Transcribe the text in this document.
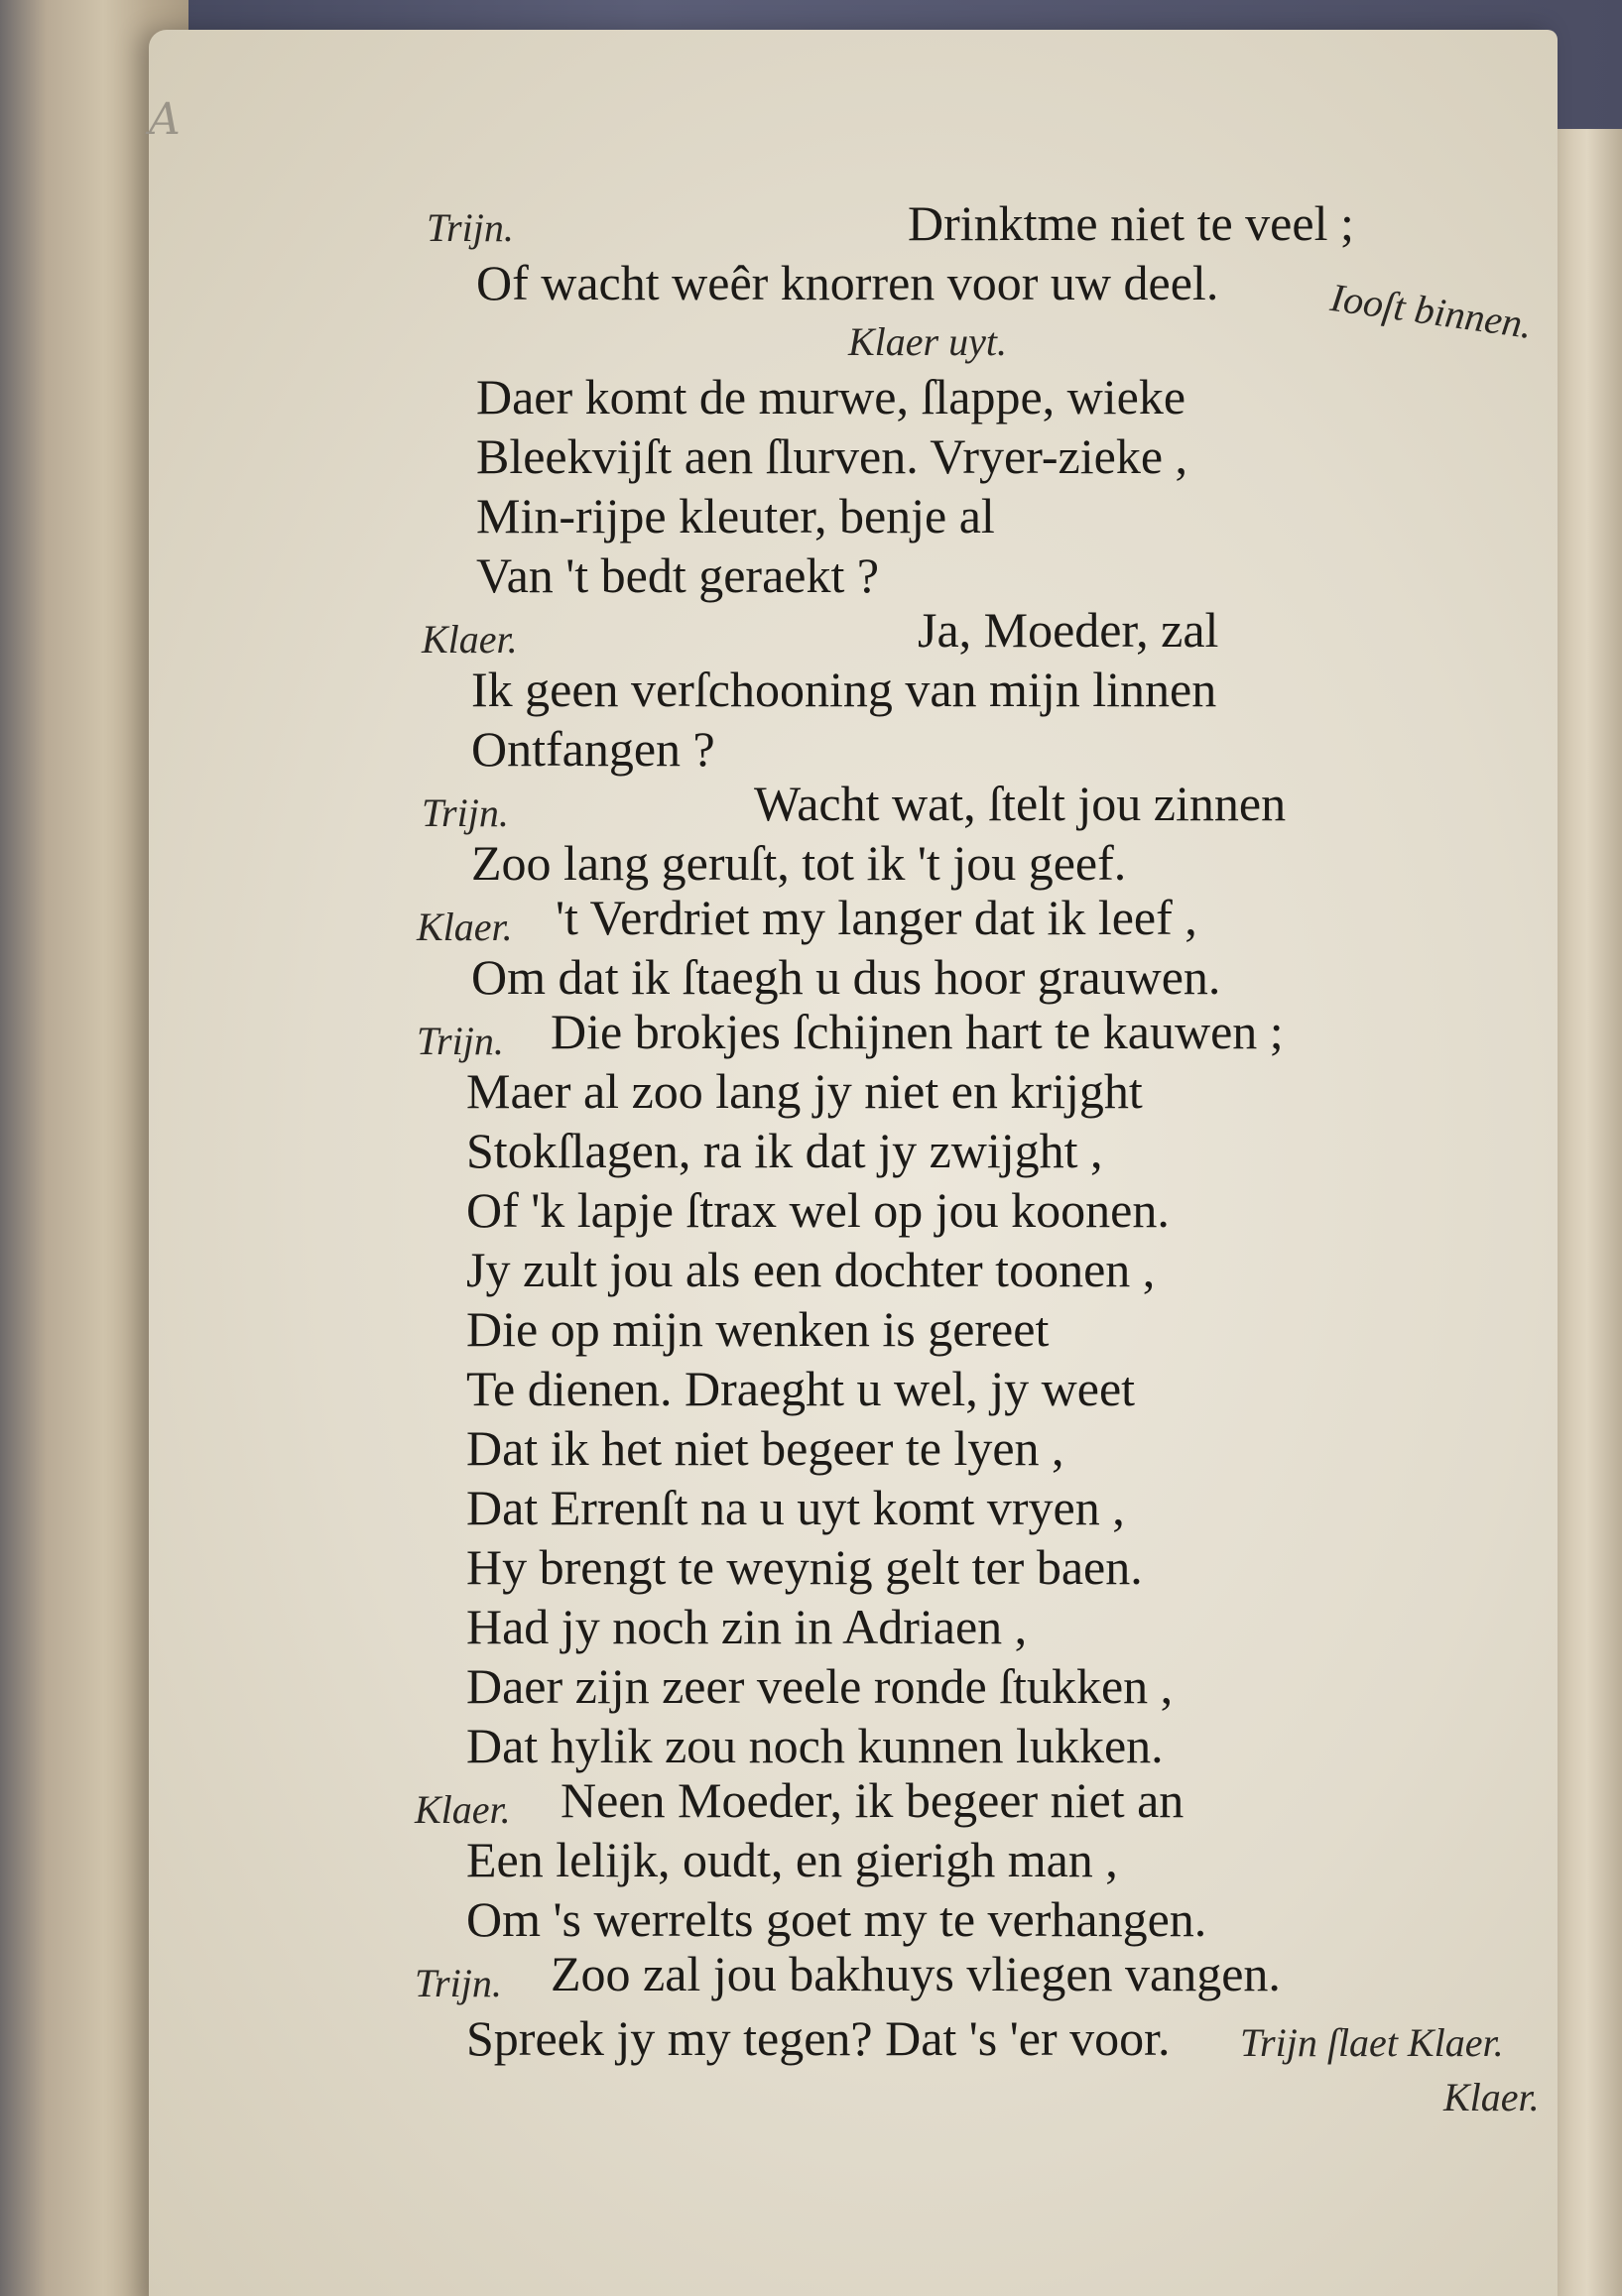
A
Trijn.	Drinktme niet te veel ;
Of wacht weêr knorren voor uw deel.	Iooſt binnen.
Klaer uyt.
Daer komt de murwe, ſlappe, wieke
Bleekvijſt aen ſlurven. Vryer-zieke ,
Min-rijpe kleuter, benje al
Van 't bedt geraekt ?
Klaer.	Ja, Moeder, zal
Ik geen verſchooning van mijn linnen
Ontfangen ?
Trijn.	Wacht wat, ſtelt jou zinnen
Zoo lang geruſt, tot ik 't jou geef.
Klaer. 't Verdriet my langer dat ik leef ,
Om dat ik ſtaegh u dus hoor grauwen.
Trijn. Die brokjes ſchijnen hart te kauwen ;
Maer al zoo lang jy niet en krijght
Stokſlagen, ra ik dat jy zwijght ,
Of 'k lapje ſtrax wel op jou koonen.
Jy zult jou als een dochter toonen ,
Die op mijn wenken is gereet
Te dienen. Draeght u wel, jy weet
Dat ik het niet begeer te lyen ,
Dat Errenſt na u uyt komt vryen ,
Hy brengt te weynig gelt ter baen.
Had jy noch zin in Adriaen ,
Daer zijn zeer veele ronde ſtukken ,
Dat hylik zou noch kunnen lukken.
Klaer. Neen Moeder, ik begeer niet an
Een lelijk, oudt, en gierigh man ,
Om 's werrelts goet my te verhangen.
Trijn. Zoo zal jou bakhuys vliegen vangen.
Spreek jy my tegen? Dat 's 'er voor. Trijn ſlaet Klaer.
Klaer.
